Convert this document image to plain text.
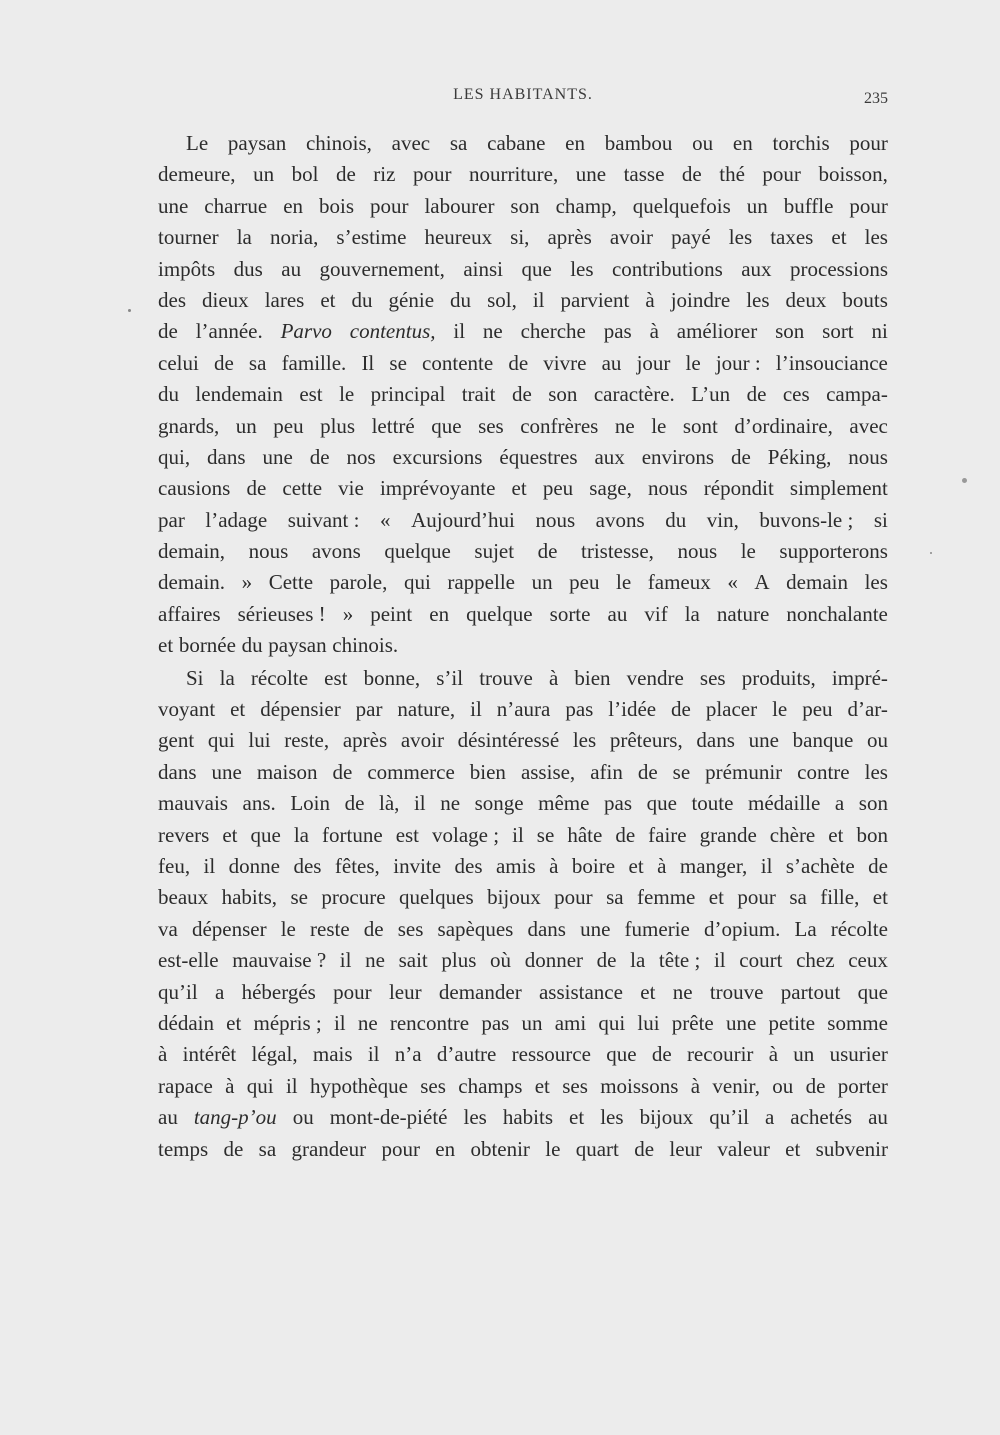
LES HABITANTS.	235
Le paysan chinois, avec sa cabane en bambou ou en torchis pour
demeure, un bol de riz pour nourriture, une tasse de thé pour boisson,
une charrue en bois pour labourer son champ, quelquefois un buffle pour
tourner la noria, s’estime heureux si, après avoir payé les taxes et les
impôts dus au gouvernement, ainsi que les contributions aux processions
des dieux lares et du génie du sol, il parvient à joindre les deux bouts
de l’année. Parvo contentus, il ne cherche pas à améliorer son sort ni
celui de sa famille. Il se contente de vivre au jour le jour : l’insouciance
du lendemain est le principal trait de son caractère. L’un de ces campa-
gnards, un peu plus lettré que ses confrères ne le sont d’ordinaire, avec
qui, dans une de nos excursions équestres aux environs de Péking, nous
causions de cette vie imprévoyante et peu sage, nous répondit simplement
par l’adage suivant : « Aujourd’hui nous avons du vin, buvons-le ; si
demain, nous avons quelque sujet de tristesse, nous le supporterons
demain. » Cette parole, qui rappelle un peu le fameux « A demain les
affaires sérieuses ! » peint en quelque sorte au vif la nature nonchalante
et bornée du paysan chinois.
Si la récolte est bonne, s’il trouve à bien vendre ses produits, impré-
voyant et dépensier par nature, il n’aura pas l’idée de placer le peu d’ar-
gent qui lui reste, après avoir désintéressé les prêteurs, dans une banque ou
dans une maison de commerce bien assise, afin de se prémunir contre les
mauvais ans. Loin de là, il ne songe même pas que toute médaille a son
revers et que la fortune est volage ; il se hâte de faire grande chère et bon
feu, il donne des fêtes, invite des amis à boire et à manger, il s’achète de
beaux habits, se procure quelques bijoux pour sa femme et pour sa fille, et
va dépenser le reste de ses sapèques dans une fumerie d’opium. La récolte
est-elle mauvaise ? il ne sait plus où donner de la tête ; il court chez ceux
qu’il a hébergés pour leur demander assistance et ne trouve partout que
dédain et mépris ; il ne rencontre pas un ami qui lui prête une petite somme
à intérêt légal, mais il n’a d’autre ressource que de recourir à un usurier
rapace à qui il hypothèque ses champs et ses moissons à venir, ou de porter
au tang-p’ou ou mont-de-piété les habits et les bijoux qu’il a achetés au
temps de sa grandeur pour en obtenir le quart de leur valeur et subvenir
